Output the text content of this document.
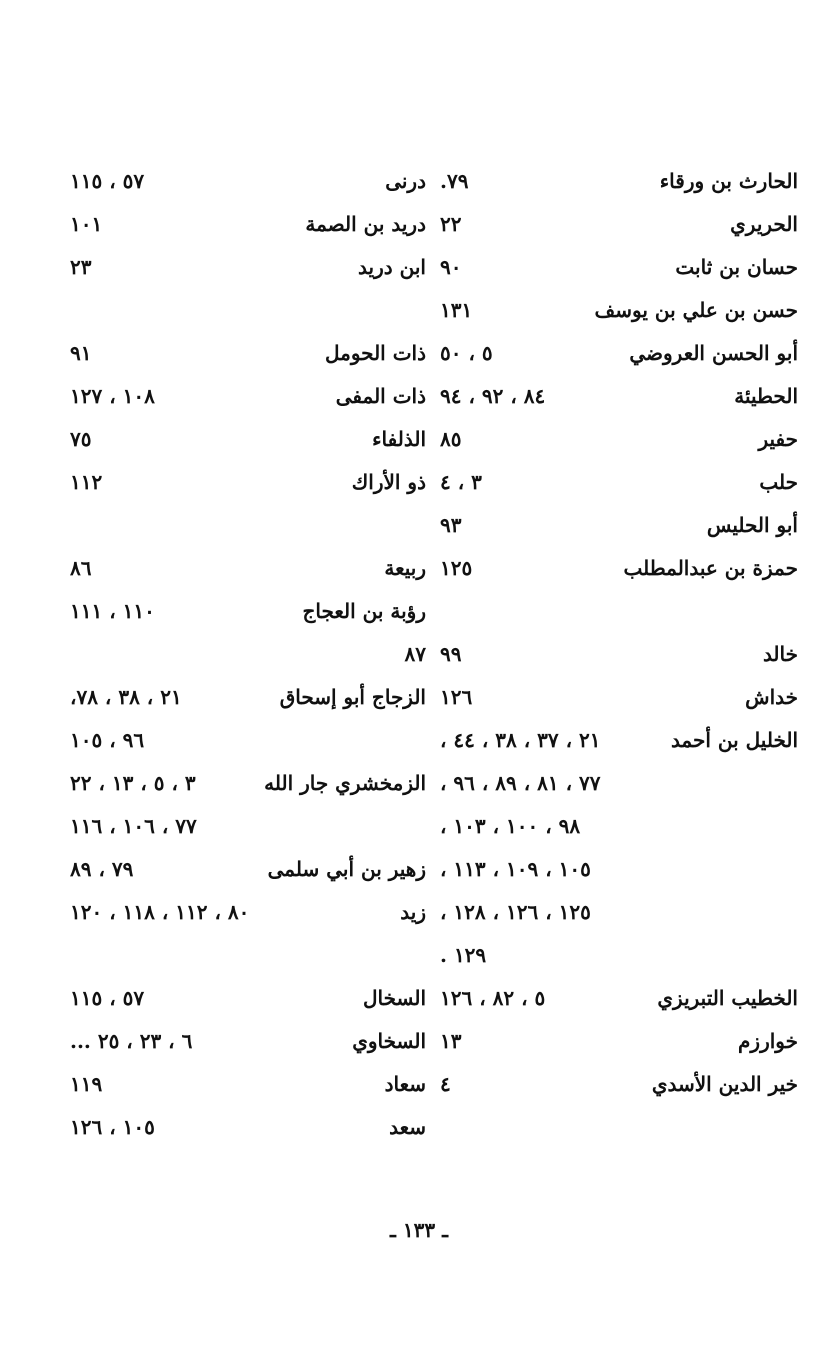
الحارث بن ورقاء
٧٩.
الحريري
٢٢
حسان بن ثابت
٩٠
حسن بن علي بن يوسف
١٣١
أبو الحسن العروضي
٥ ، ٥٠
الحطيئة
٨٤ ، ٩٢ ، ٩٤
حفير
٨٥
حلب
٣ ، ٤
أبو الحليس
٩٣
حمزة بن عبدالمطلب
١٢٥
خالد
٩٩
خداش
١٢٦
الخليل بن أحمد
٢١ ، ٣٧ ، ٣٨ ، ٤٤ ،
٧٧ ، ٨١ ، ٨٩ ، ٩٦ ،
٩٨ ، ١٠٠ ، ١٠٣ ،
١٠٥ ، ١٠٩ ، ١١٣ ،
١٢٥ ، ١٢٦ ، ١٢٨ ،
١٢٩ .
الخطيب التبريزي
٥ ، ٨٢ ، ١٢٦
خوارزم
١٣
خير الدين الأسدي
٤
درنی
٥٧ ، ١١٥
دريد بن الصمة
١٠١
ابن دريد
٢٣
ذات الحومل
٩١
ذات المفى
١٠٨ ، ١٢٧
الذلفاء
٧٥
ذو الأراك
١١٢
ربيعة
٨٦
رؤبة بن العجاج
١١٠ ، ١١١
٨٧
الزجاج أبو إسحاق
٢١ ، ٣٨ ، ٧٨،
٩٦ ، ١٠٥
الزمخشري جار الله
٣ ، ٥ ، ١٣ ، ٢٢
٧٧ ، ١٠٦ ، ١١٦
زهير بن أبي سلمى
٧٩ ، ٨٩
زيد
٨٠ ، ١١٢ ، ١١٨ ، ١٢٠
السخال
٥٧ ، ١١٥
السخاوي
٦ ، ٢٣ ، ٢٥ ...
سعاد
١١٩
سعد
١٠٥ ، ١٢٦
ـ ١٣٣ ـ
